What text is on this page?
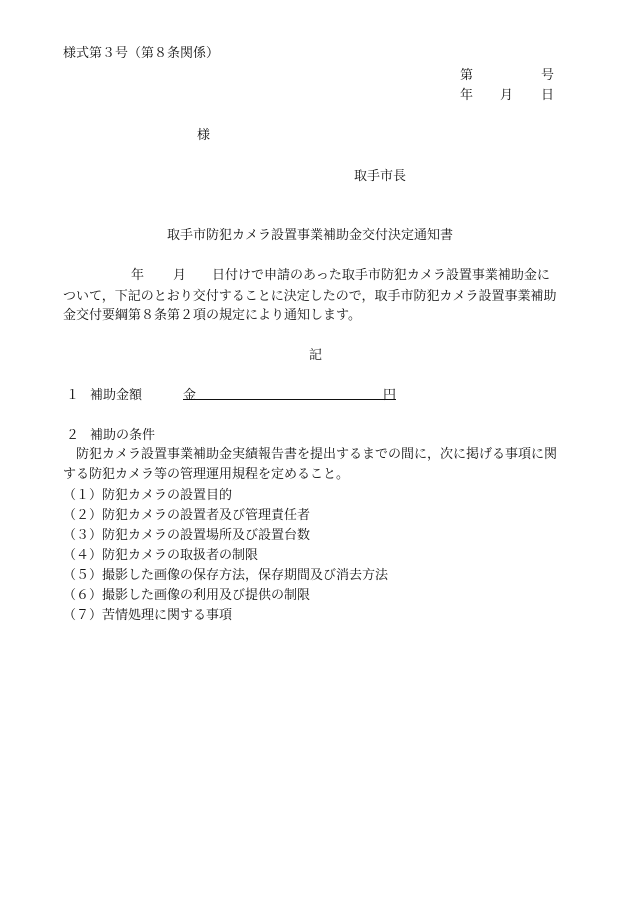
様式第３号（第８条関係）
第	号
年 月 日
様
取手市長
取手市防犯カメラ設置事業補助金交付決定通知書
年 月 日付けで申請のあった取手市防犯カメラ設置事業補助金に
ついて，下記のとおり交付することに決定したので，取手市防犯カメラ設置事業補助
金交付要綱第８条第２項の規定により通知します。
記
１ 補助金額	金	円
２ 補助の条件
防犯カメラ設置事業補助金実績報告書を提出するまでの間に，次に掲げる事項に関
する防犯カメラ等の管理運用規程を定めること。
（１）防犯カメラの設置目的
（２）防犯カメラの設置者及び管理責任者
（３）防犯カメラの設置場所及び設置台数
（４）防犯カメラの取扱者の制限
（５）撮影した画像の保存方法，保存期間及び消去方法
（６）撮影した画像の利用及び提供の制限
（７）苦情処理に関する事項
